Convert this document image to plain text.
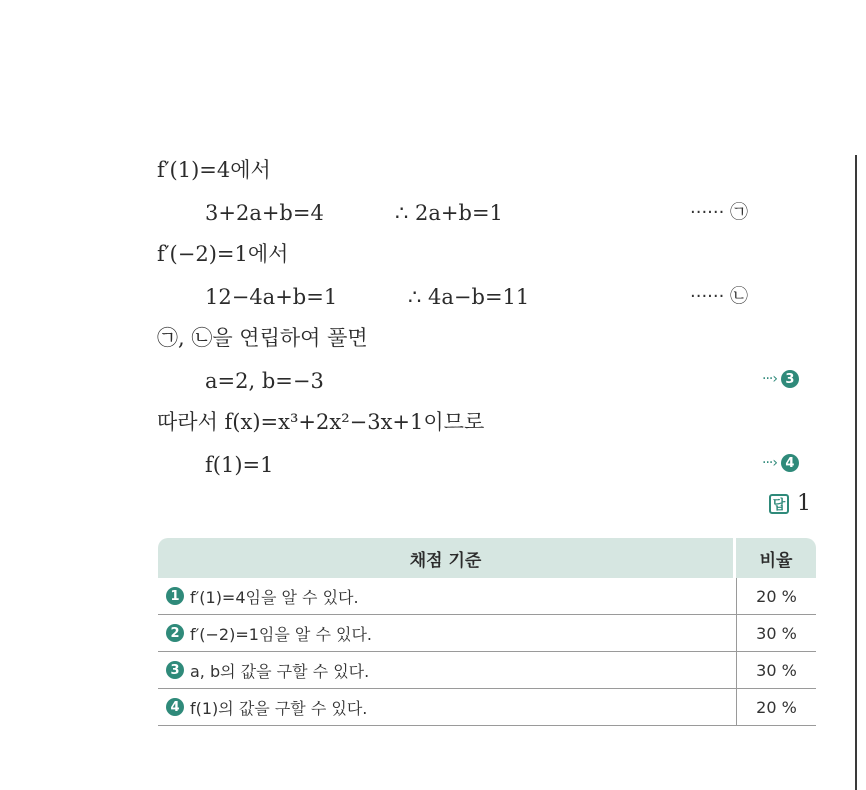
f′(1)=4에서
3+2a+b=4	∴ 2a+b=1	······ ㉠
f′(−2)=1에서
12−4a+b=1	∴ 4a−b=11	······ ㉡
㉠, ㉡을 연립하여 풀면
a=2, b=−3	···› 3
따라서 f(x)=x³+2x²−3x+1이므로
f(1)=1	···› 4
답 1
채점 기준	비율

1 f′(1)=4임을 알 수 있다.	20 %

2 f′(−2)=1임을 알 수 있다.	30 %

3 a, b의 값을 구할 수 있다.	30 %

4 f(1)의 값을 구할 수 있다.	20 %
